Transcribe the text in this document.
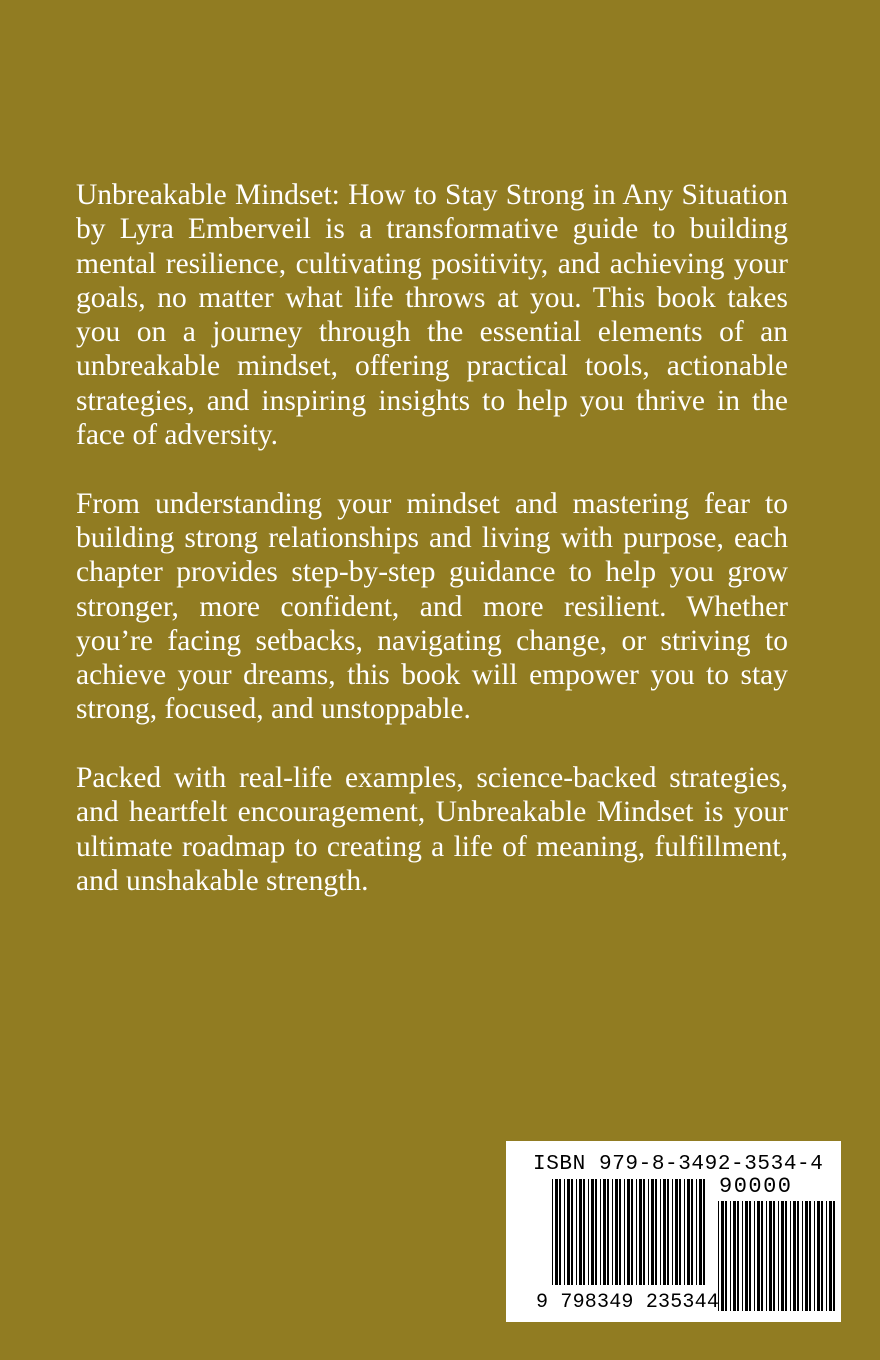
Unbreakable Mindset: How to Stay Strong in Any Situation by Lyra Emberveil is a transformative guide to building mental resilience, cultivating positivity, and achieving your goals, no matter what life throws at you. This book takes you on a journey through the essential elements of an unbreakable mindset, offering practical tools, actionable strategies, and inspiring insights to help you thrive in the face of adversity.

From understanding your mindset and mastering fear to building strong relationships and living with purpose, each chapter provides step-by-step guidance to help you grow stronger, more confident, and more resilient. Whether you’re facing setbacks, navigating change, or striving to achieve your dreams, this book will empower you to stay strong, focused, and unstoppable.

Packed with real-life examples, science-backed strategies, and heartfelt encouragement, Unbreakable Mindset is your ultimate roadmap to creating a life of meaning, fulfillment, and unshakable strength.

ISBN 979-8-3492-3534-4
90000
9 798349 235344
